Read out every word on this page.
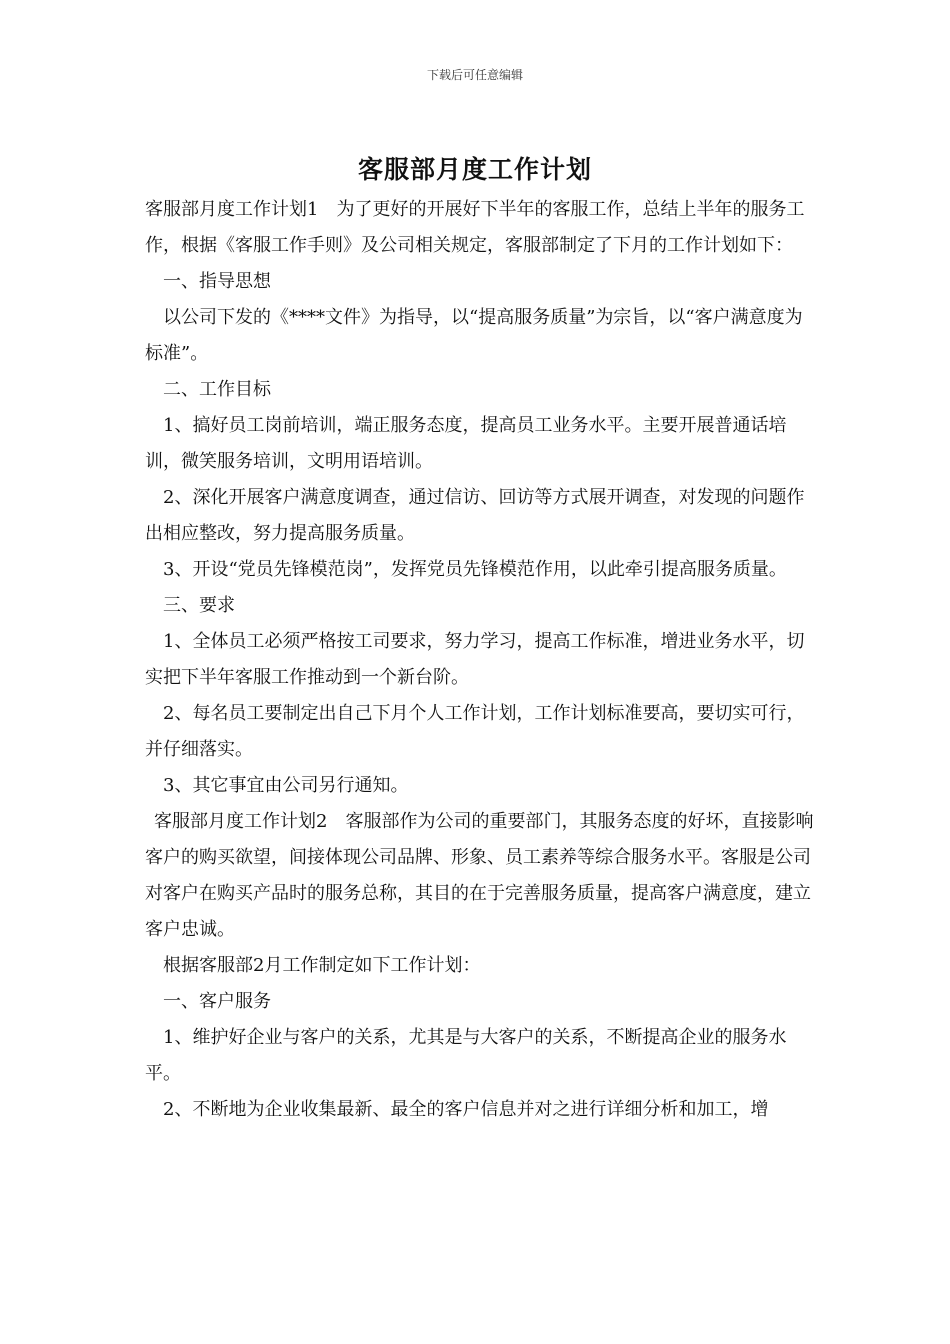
下载后可任意编辑
客服部月度工作计划

客服部月度工作计划1　为了更好的开展好下半年的客服工作，总结上半年的服务工作，根据《客服工作手则》及公司相关规定，客服部制定了下月的工作计划如下：

一、指导思想

以公司下发的《****文件》为指导，以“提高服务质量”为宗旨，以“客户满意度为标准”。

二、工作目标

1、搞好员工岗前培训，端正服务态度，提高员工业务水平。主要开展普通话培训，微笑服务培训，文明用语培训。

2、深化开展客户满意度调查，通过信访、回访等方式展开调查，对发现的问题作出相应整改，努力提高服务质量。

3、开设“党员先锋模范岗”，发挥党员先锋模范作用，以此牵引提高服务质量。

三、要求

1、全体员工必须严格按工司要求，努力学习，提高工作标准，增进业务水平，切实把下半年客服工作推动到一个新台阶。

2、每名员工要制定出自己下月个人工作计划，工作计划标准要高，要切实可行，并仔细落实。

3、其它事宜由公司另行通知。

客服部月度工作计划2　客服部作为公司的重要部门，其服务态度的好坏，直接影响客户的购买欲望，间接体现公司品牌、形象、员工素养等综合服务水平。客服是公司对客户在购买产品时的服务总称，其目的在于完善服务质量，提高客户满意度，建立客户忠诚。

根据客服部2月工作制定如下工作计划：

一、客户服务

1、维护好企业与客户的关系，尤其是与大客户的关系，不断提高企业的服务水平。

2、不断地为企业收集最新、最全的客户信息并对之进行详细分析和加工，增
